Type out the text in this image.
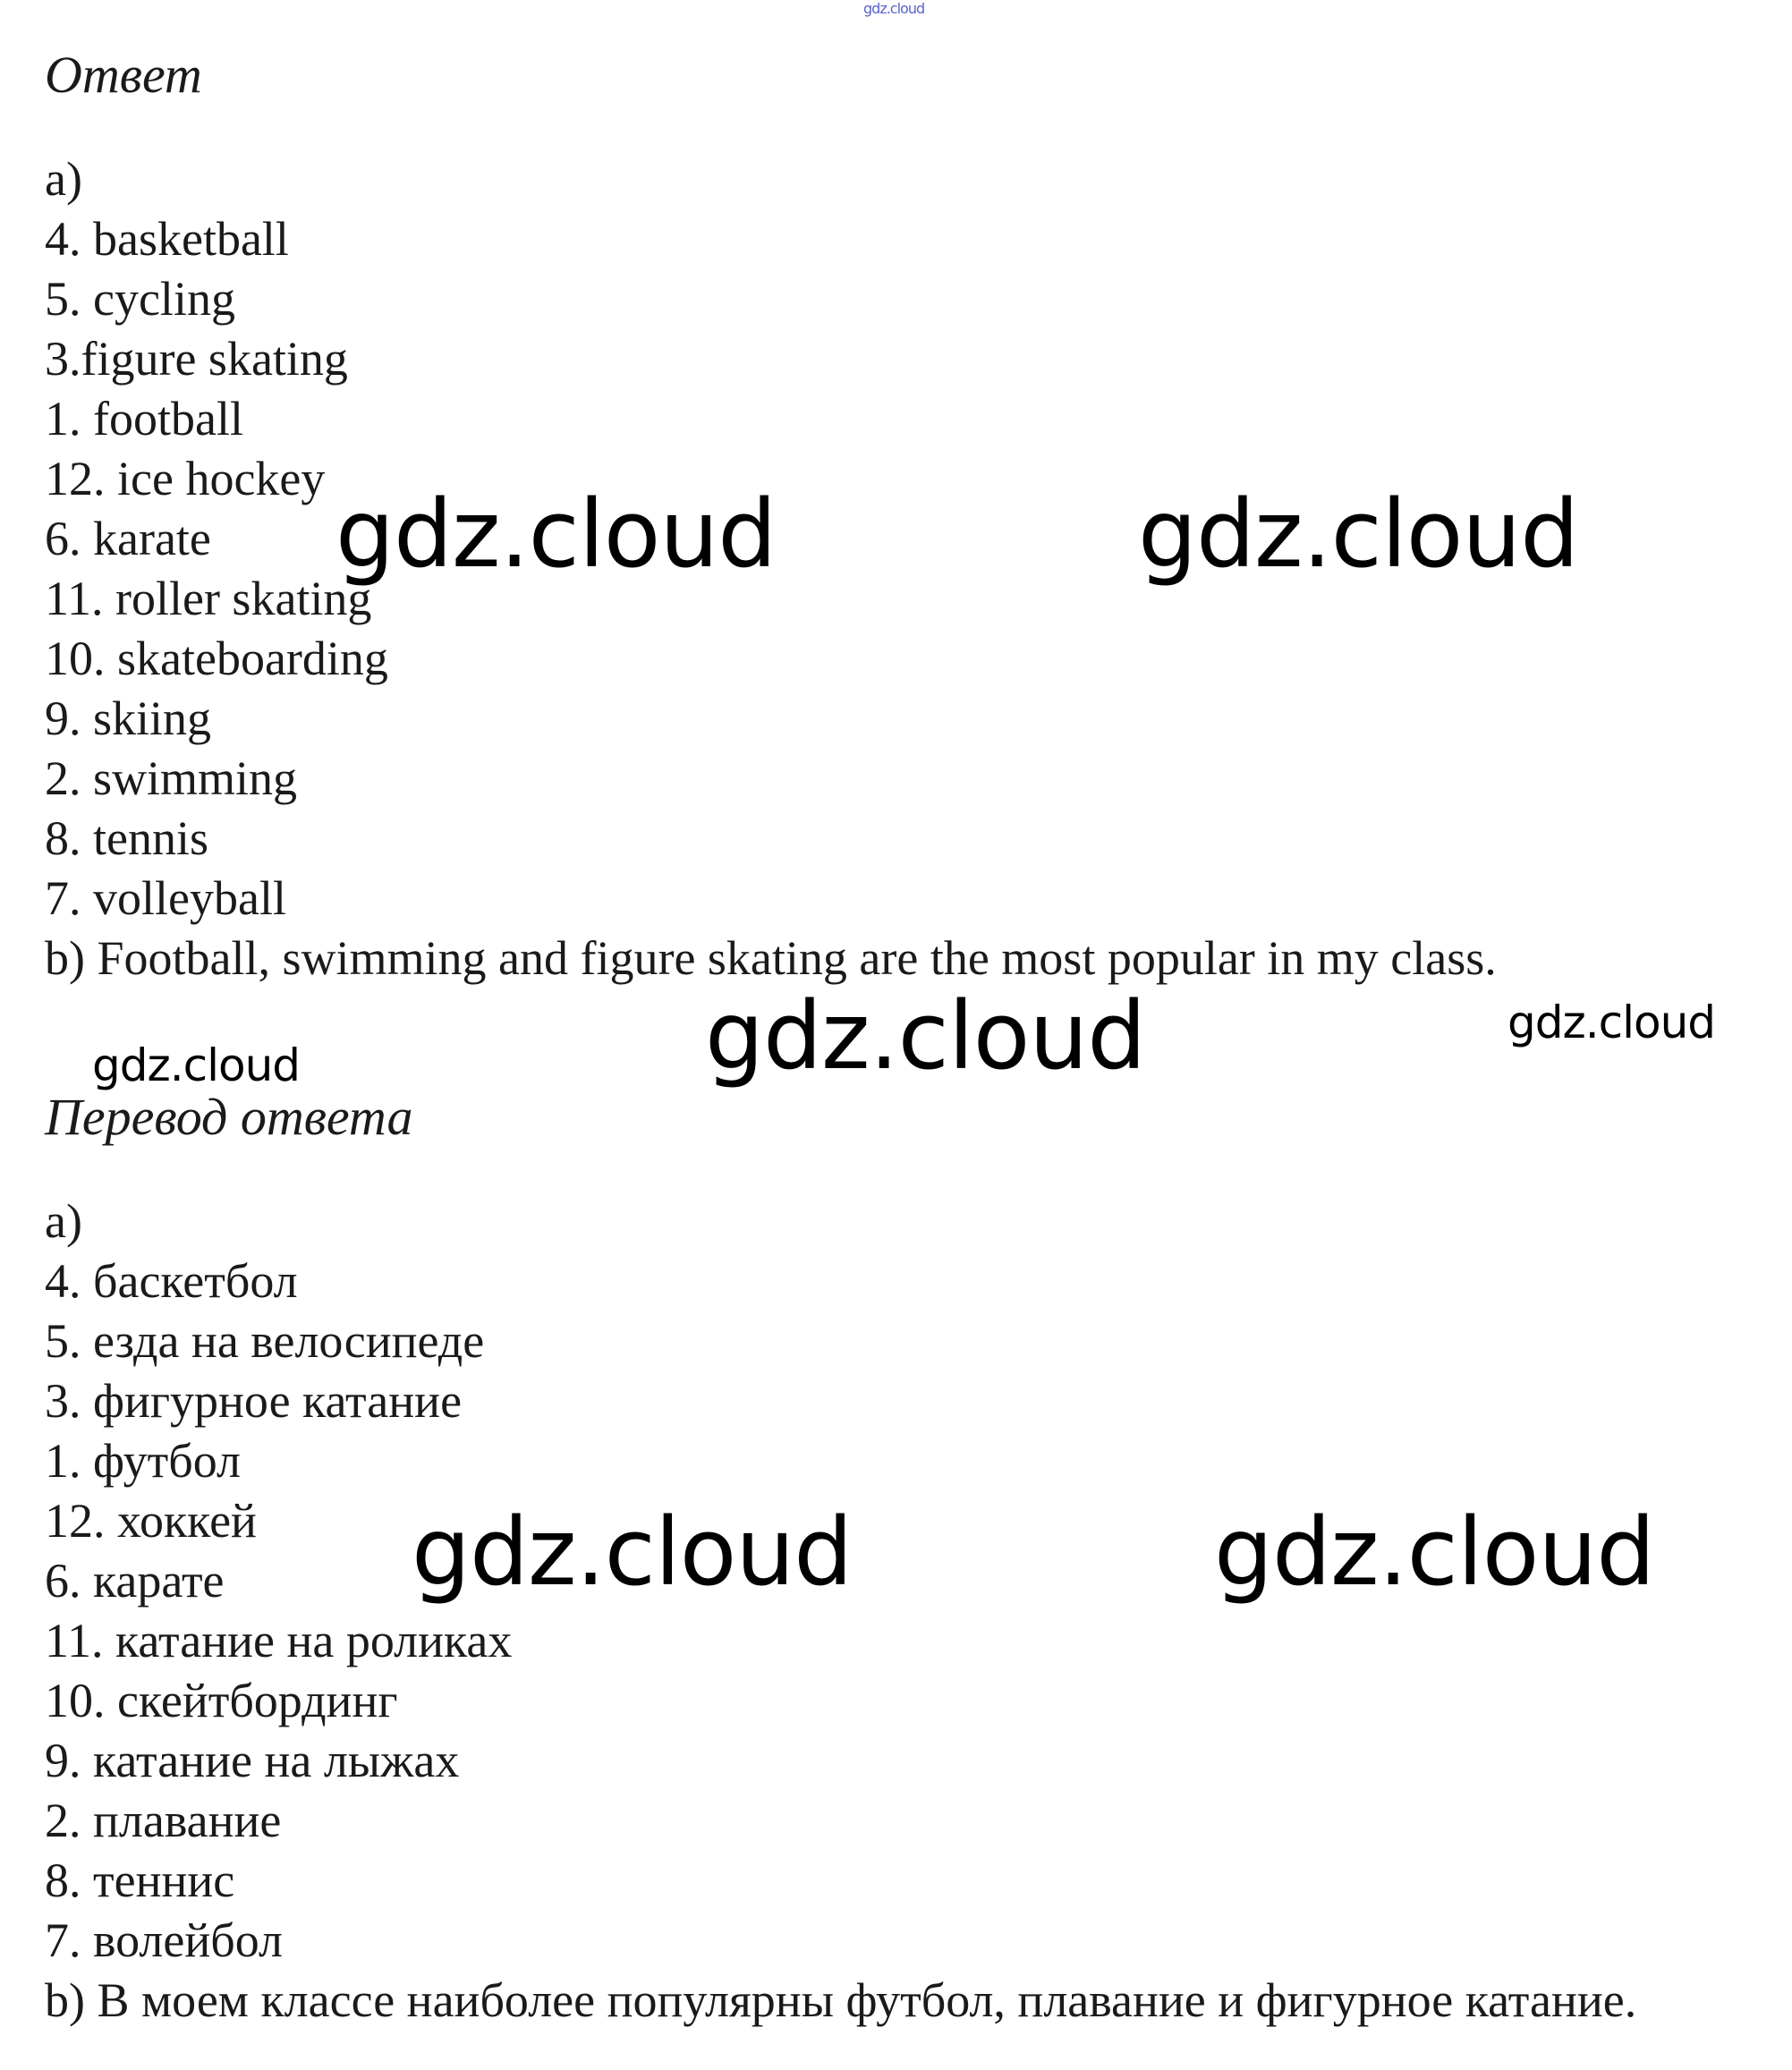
Ответ

a)
4. basketball
5. cycling
3.figure skating
1. football
12. ice hockey
6. karate
11. roller skating
10. skateboarding
9. skiing
2. swimming
8. tennis
7. volleyball
b) Football, swimming and figure skating are the most popular in my class.

Перевод ответа

а)
4. баскетбол
5. езда на велосипеде
3. фигурное катание
1. футбол
12. хоккей
6. карате
11. катание на роликах
10. скейтбординг
9. катание на лыжах
2. плавание
8. теннис
7. волейбол
b) В моем классе наиболее популярны футбол, плавание и фигурное катание.
gdz.cloud
gdz.cloud	gdz.cloud
gdz.cloud	gdz.cloud
gdz.cloud
gdz.cloud	gdz.cloud
